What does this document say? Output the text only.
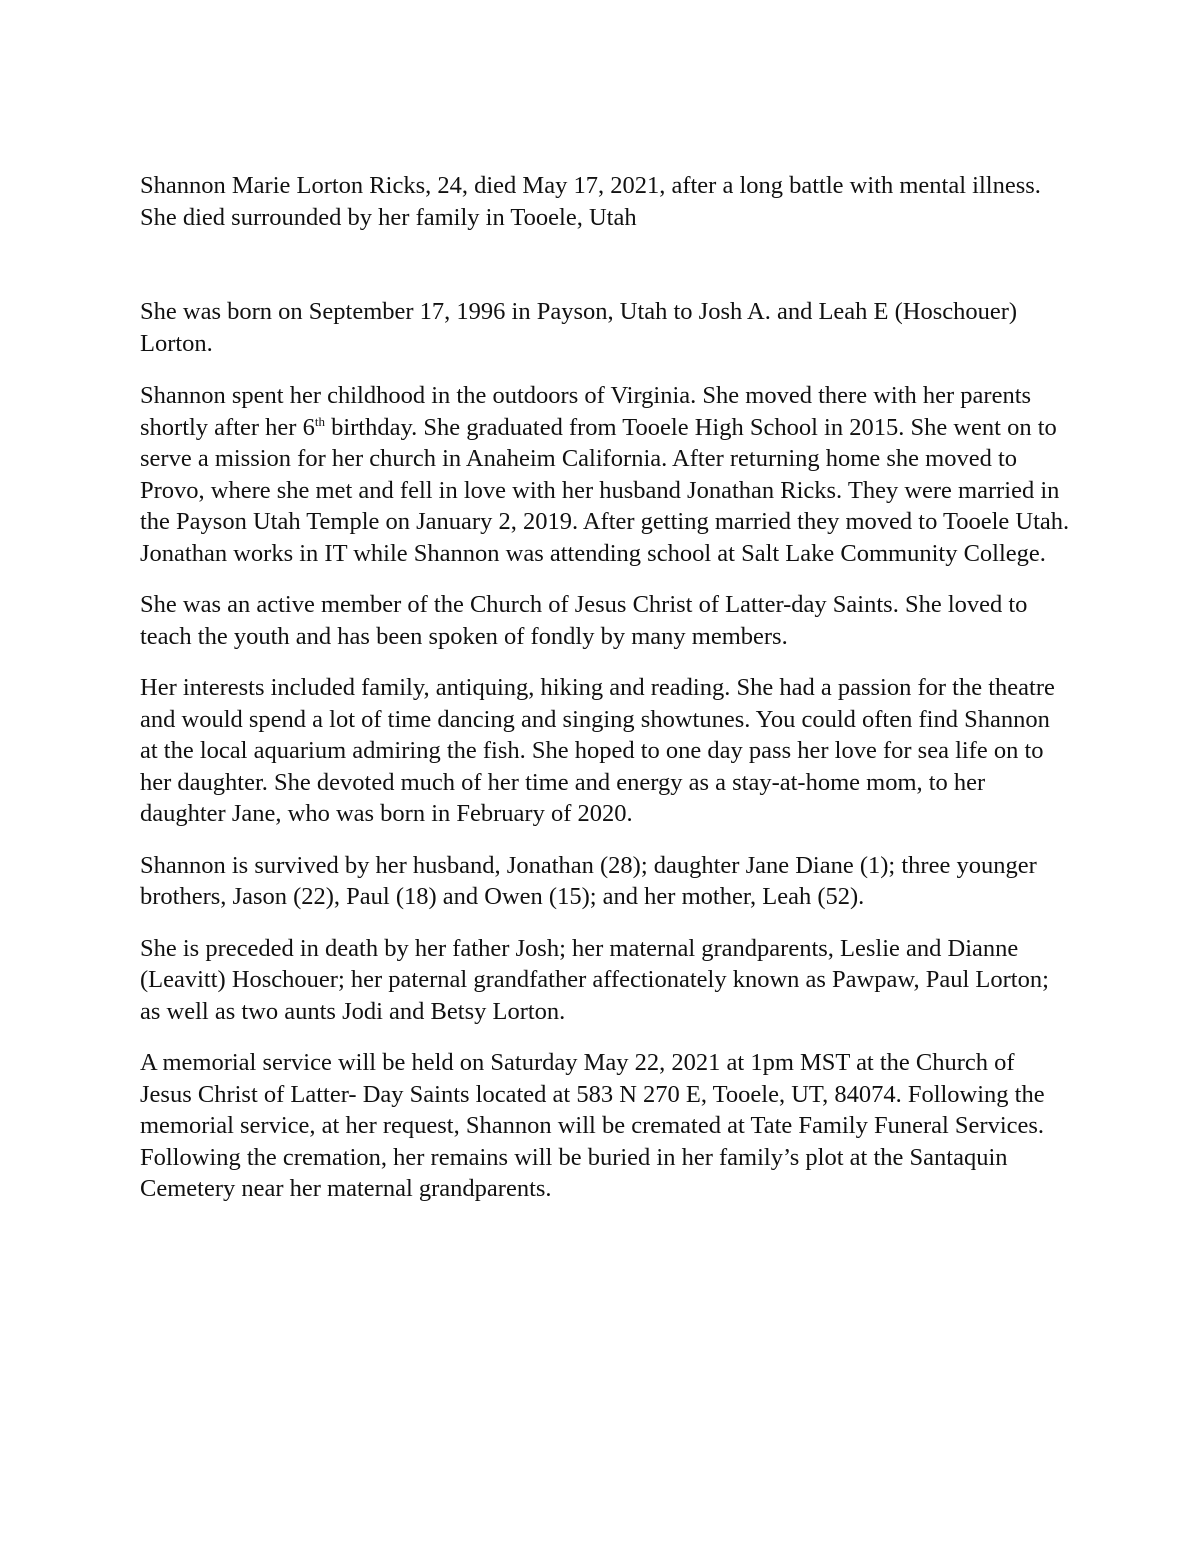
Shannon Marie Lorton Ricks, 24, died May 17, 2021, after a long battle with mental illness. She died surrounded by her family in Tooele, Utah

She was born on September 17, 1996 in Payson, Utah to Josh A. and Leah E (Hoschouer) Lorton.

Shannon spent her childhood in the outdoors of Virginia. She moved there with her parents shortly after her 6th birthday. She graduated from Tooele High School in 2015. She went on to serve a mission for her church in Anaheim California. After returning home she moved to Provo, where she met and fell in love with her husband Jonathan Ricks. They were married in the Payson Utah Temple on January 2, 2019. After getting married they moved to Tooele Utah. Jonathan works in IT while Shannon was attending school at Salt Lake Community College.

She was an active member of the Church of Jesus Christ of Latter-day Saints. She loved to teach the youth and has been spoken of fondly by many members.

Her interests included family, antiquing, hiking and reading. She had a passion for the theatre and would spend a lot of time dancing and singing showtunes. You could often find Shannon at the local aquarium admiring the fish. She hoped to one day pass her love for sea life on to her daughter. She devoted much of her time and energy as a stay-at-home mom, to her daughter Jane, who was born in February of 2020.

Shannon is survived by her husband, Jonathan (28); daughter Jane Diane (1); three younger brothers, Jason (22), Paul (18) and Owen (15); and her mother, Leah (52).

She is preceded in death by her father Josh; her maternal grandparents, Leslie and Dianne (Leavitt) Hoschouer; her paternal grandfather affectionately known as Pawpaw, Paul Lorton; as well as two aunts Jodi and Betsy Lorton.

A memorial service will be held on Saturday May 22, 2021 at 1pm MST at the Church of Jesus Christ of Latter- Day Saints located at 583 N 270 E, Tooele, UT, 84074. Following the memorial service, at her request, Shannon will be cremated at Tate Family Funeral Services. Following the cremation, her remains will be buried in her family’s plot at the Santaquin Cemetery near her maternal grandparents.
